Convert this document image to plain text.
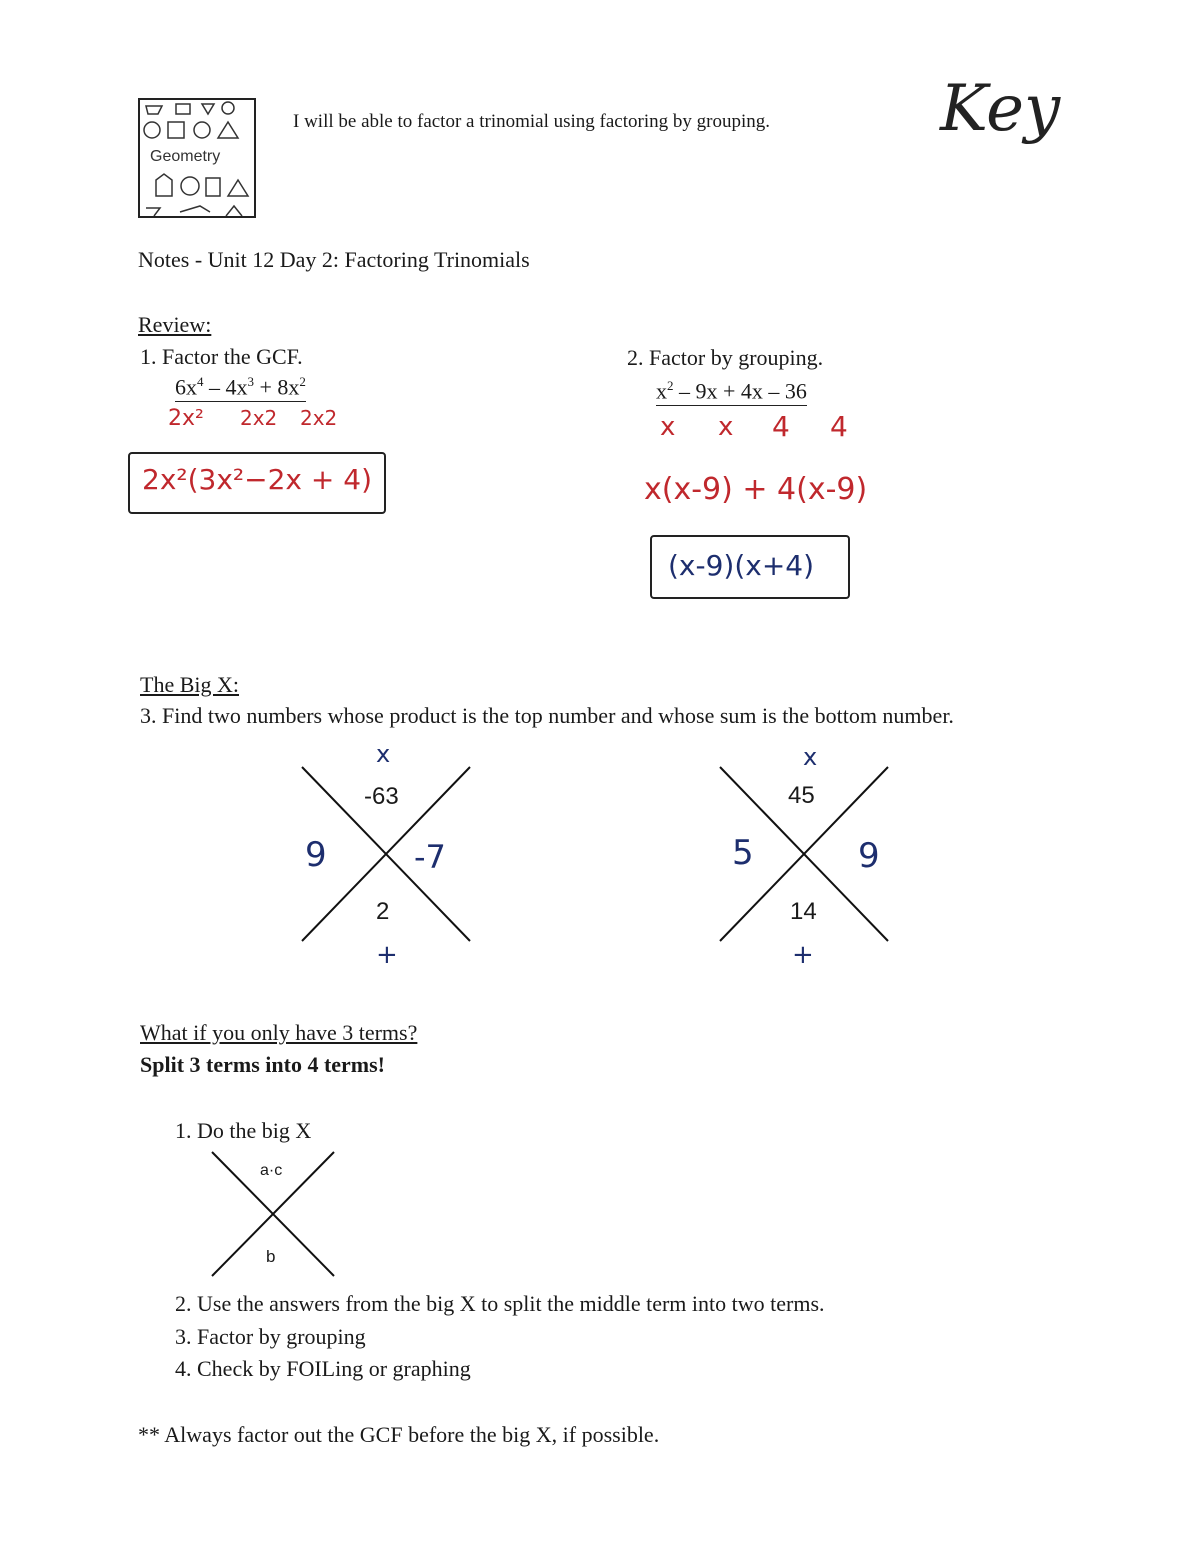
Geometry
I will be able to factor a trinomial using factoring by grouping.	Key
Notes - Unit 12 Day 2: Factoring Trinomials
Review:
1. Factor the GCF.
$6x^4 - 4x^3 + 8x^2$
2x² 2x2 2x2
2x²(3x²−2x + 4)
2. Factor by grouping.
$x^2 - 9x + 4x - 36$
x x 4 4
x(x-9) + 4(x-9)
(x-9)(x+4)
The Big X:
3. Find two numbers whose product is the top number and whose sum is the bottom number.
x
-63
9	-7
2
+
x
45
5	9
14
+
What if you only have 3 terms?
Split 3 terms into 4 terms!
1. Do the big X
a·c
b
2. Use the answers from the big X to split the middle term into two terms.
3. Factor by grouping
4. Check by FOILing or graphing
** Always factor out the GCF before the big X, if possible.
